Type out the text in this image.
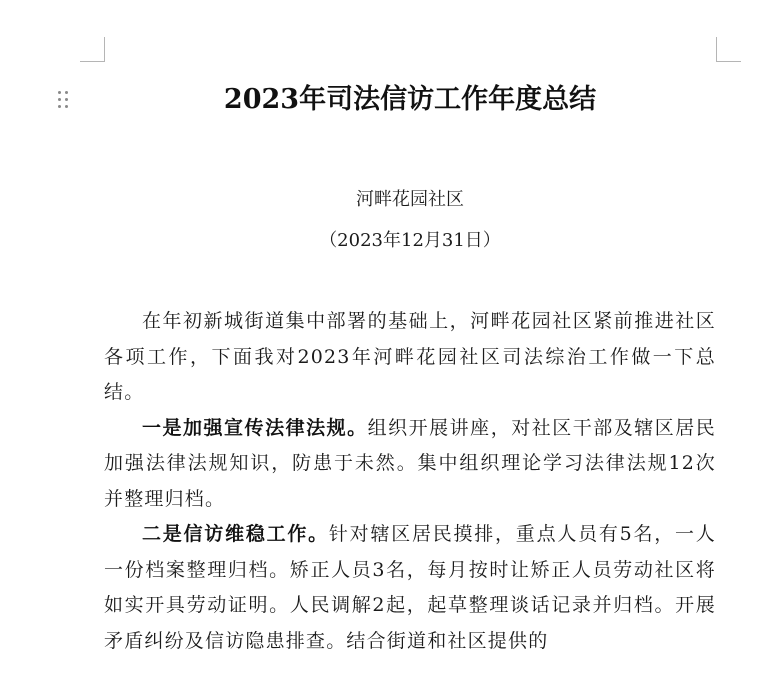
2023年司法信访工作年度总结

河畔花园社区

（2023年12月31日）

在年初新城街道集中部署的基础上，河畔花园社区紧前推进社区各项工作，下面我对2023年河畔花园社区司法综治工作做一下总结。

一是加强宣传法律法规。组织开展讲座，对社区干部及辖区居民加强法律法规知识，防患于未然。集中组织理论学习法律法规12次并整理归档。

二是信访维稳工作。针对辖区居民摸排，重点人员有5名，一人一份档案整理归档。矫正人员3名，每月按时让矫正人员劳动社区将如实开具劳动证明。人民调解2起，起草整理谈话记录并归档。开展矛盾纠纷及信访隐患排查。结合街道和社区提供的
